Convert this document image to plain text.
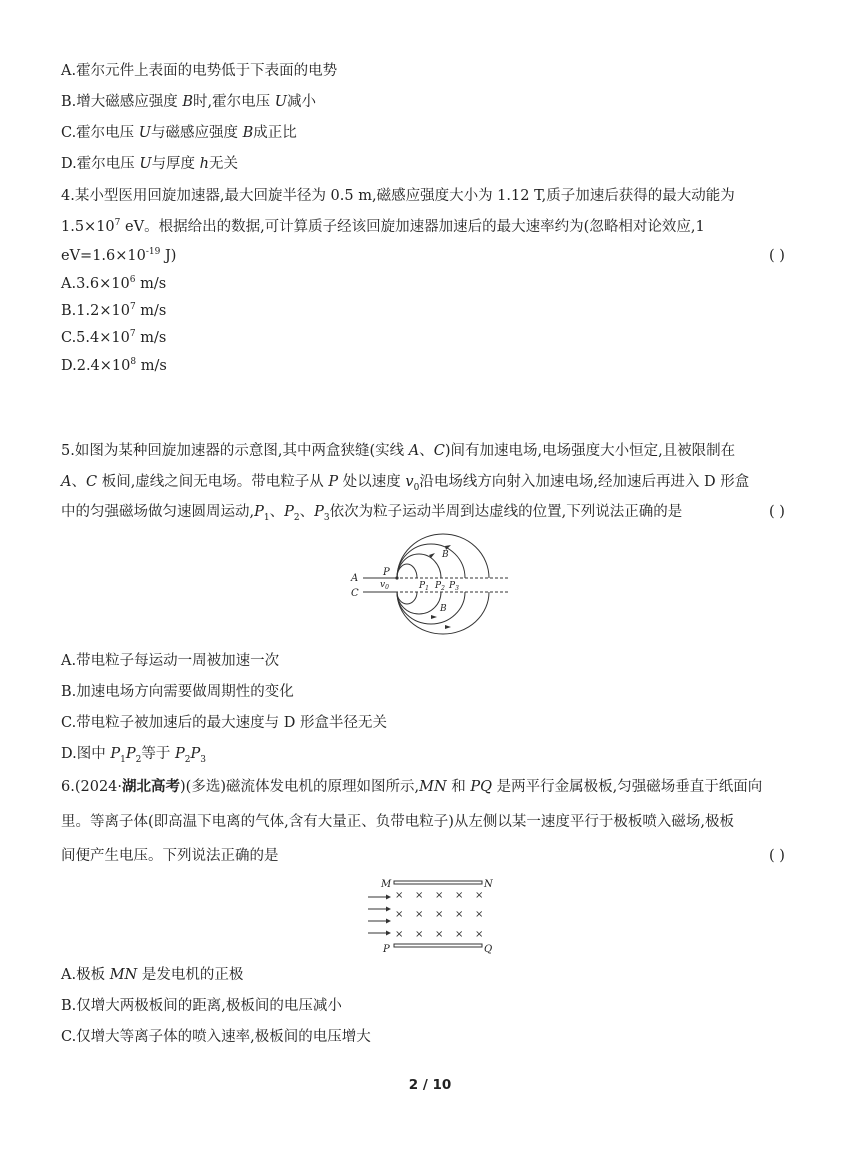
A.霍尔元件上表面的电势低于下表面的电势
B.增大磁感应强度 B时,霍尔电压 U减小
C.霍尔电压 U与磁感应强度 B成正比
D.霍尔电压 U与厚度 h无关
4.某小型医用回旋加速器,最大回旋半径为 0.5 m,磁感应强度大小为 1.12 T,质子加速后获得的最大动能为
$1.5\times 10^7$ eV。根据给出的数据,可计算质子经该回旋加速器加速后的最大速率约为(忽略相对论效应,1
$eV=1.6\times 10^{-19}$ J)	( )
$A.3.6\times 10^6$ m/s
$B.1.2\times 10^7$ m/s
$C.5.4\times 10^7$ m/s
$D.2.4\times 10^8$ m/s
5.如图为某种回旋加速器的示意图,其中两盒狭缝(实线 A、C)间有加速电场,电场强度大小恒定,且被限制在
A、C 板间,虚线之间无电场。带电粒子从 P 处以速度 $v_0$沿电场线方向射入加速电场,经加速后再进入 D 形盒
中的匀强磁场做匀速圆周运动$,P_1$、$P_2$、$P_3$依次为粒子运动半周到达虚线的位置,下列说法正确的是	( )
A
C
P
$v_0$	$P_1$ $P_2$ $P_3$
B
B
A.带电粒子每运动一周被加速一次
B.加速电场方向需要做周期性的变化
C.带电粒子被加速后的最大速度与 D 形盒半径无关
D.图中 $P_1P_2$等于 $P_2P_3$
6.(2024·湖北高考)(多选)磁流体发电机的原理如图所示,MN 和 PQ 是两平行金属极板,匀强磁场垂直于纸面向
里。等离子体(即高温下电离的气体,含有大量正、负带电粒子)从左侧以某一速度平行于极板喷入磁场,极板
间便产生电压。下列说法正确的是	( )
× × × × ×
× × × × ×
× × × × ×
M	N
P	Q
A.极板 MN 是发电机的正极
B.仅增大两极板间的距离,极板间的电压减小
C.仅增大等离子体的喷入速率,极板间的电压增大
2 / 10
